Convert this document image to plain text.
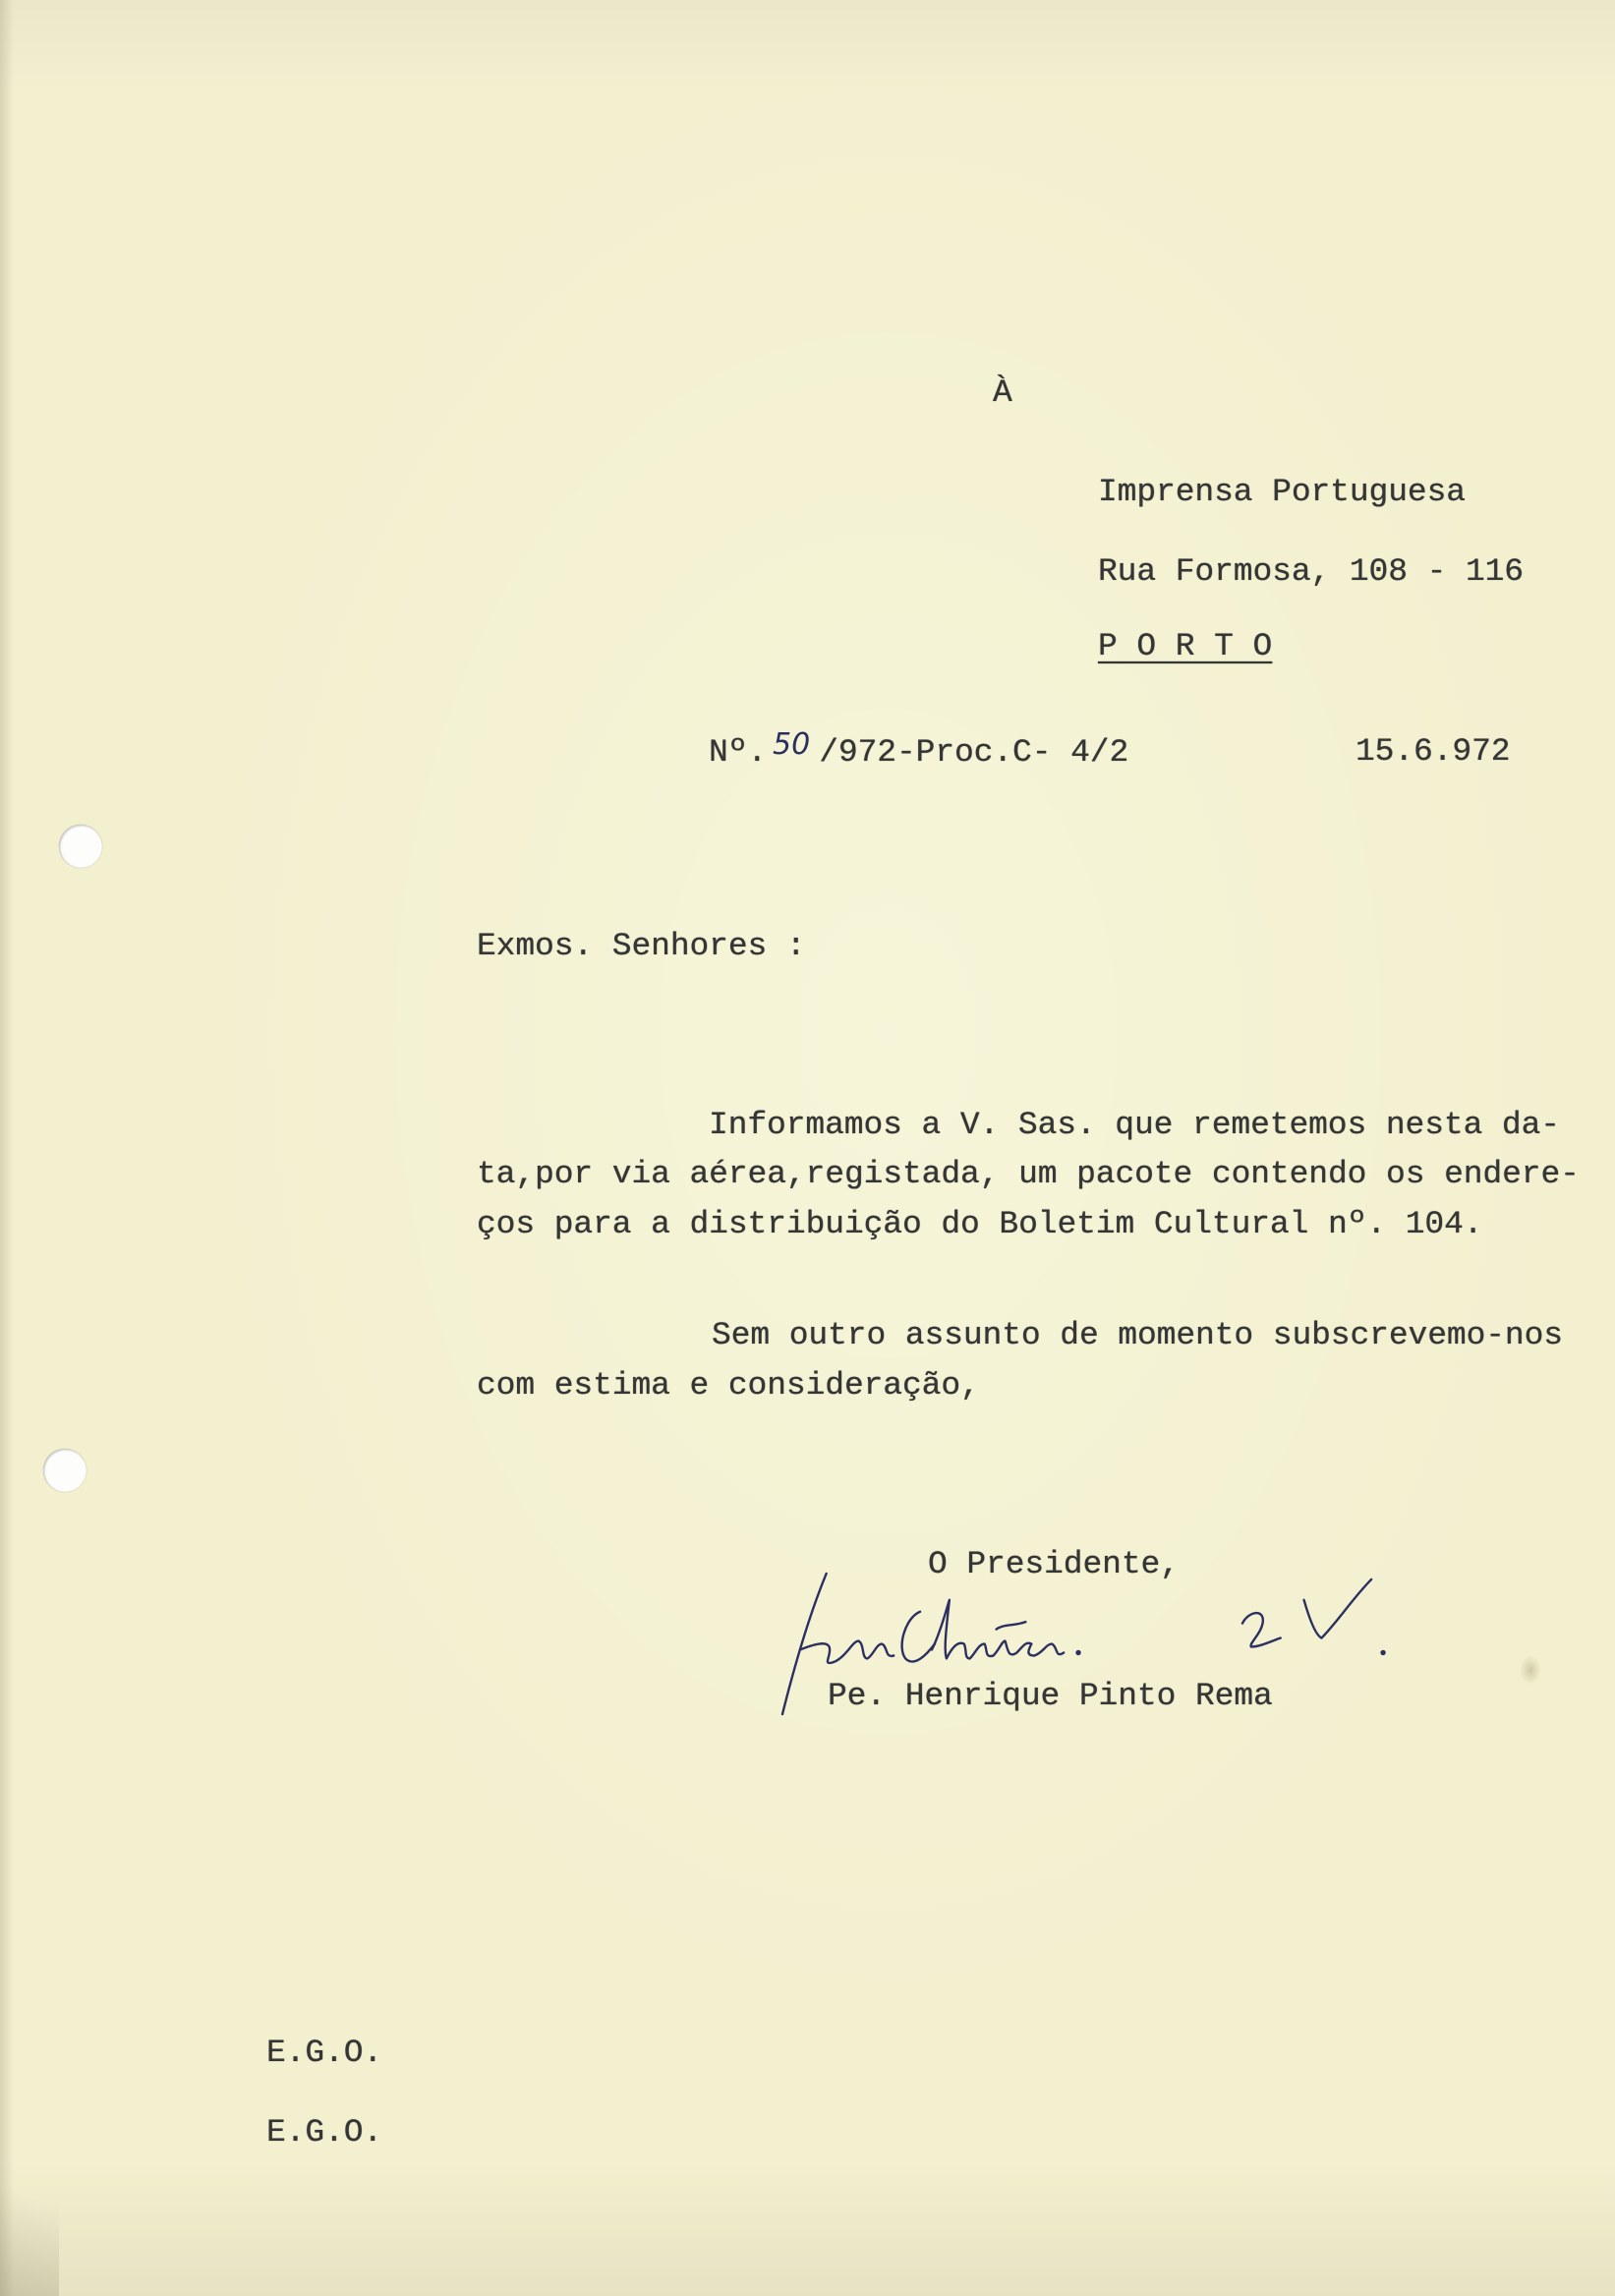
À
Imprensa Portuguesa
Rua Formosa, 108 - 116
P O R T O
Nº. 50 /972-Proc.C- 4/2	15.6.972
Exmos. Senhores :
Informamos a V. Sas. que remetemos nesta da-
ta,por via aérea,registada, um pacote contendo os endere-
ços para a distribuição do Boletim Cultural nº. 104.
Sem outro assunto de momento subscrevemo-nos
com estima e consideração,
O Presidente,
Pe. Henrique Pinto Rema
E.G.O.
E.G.O.
